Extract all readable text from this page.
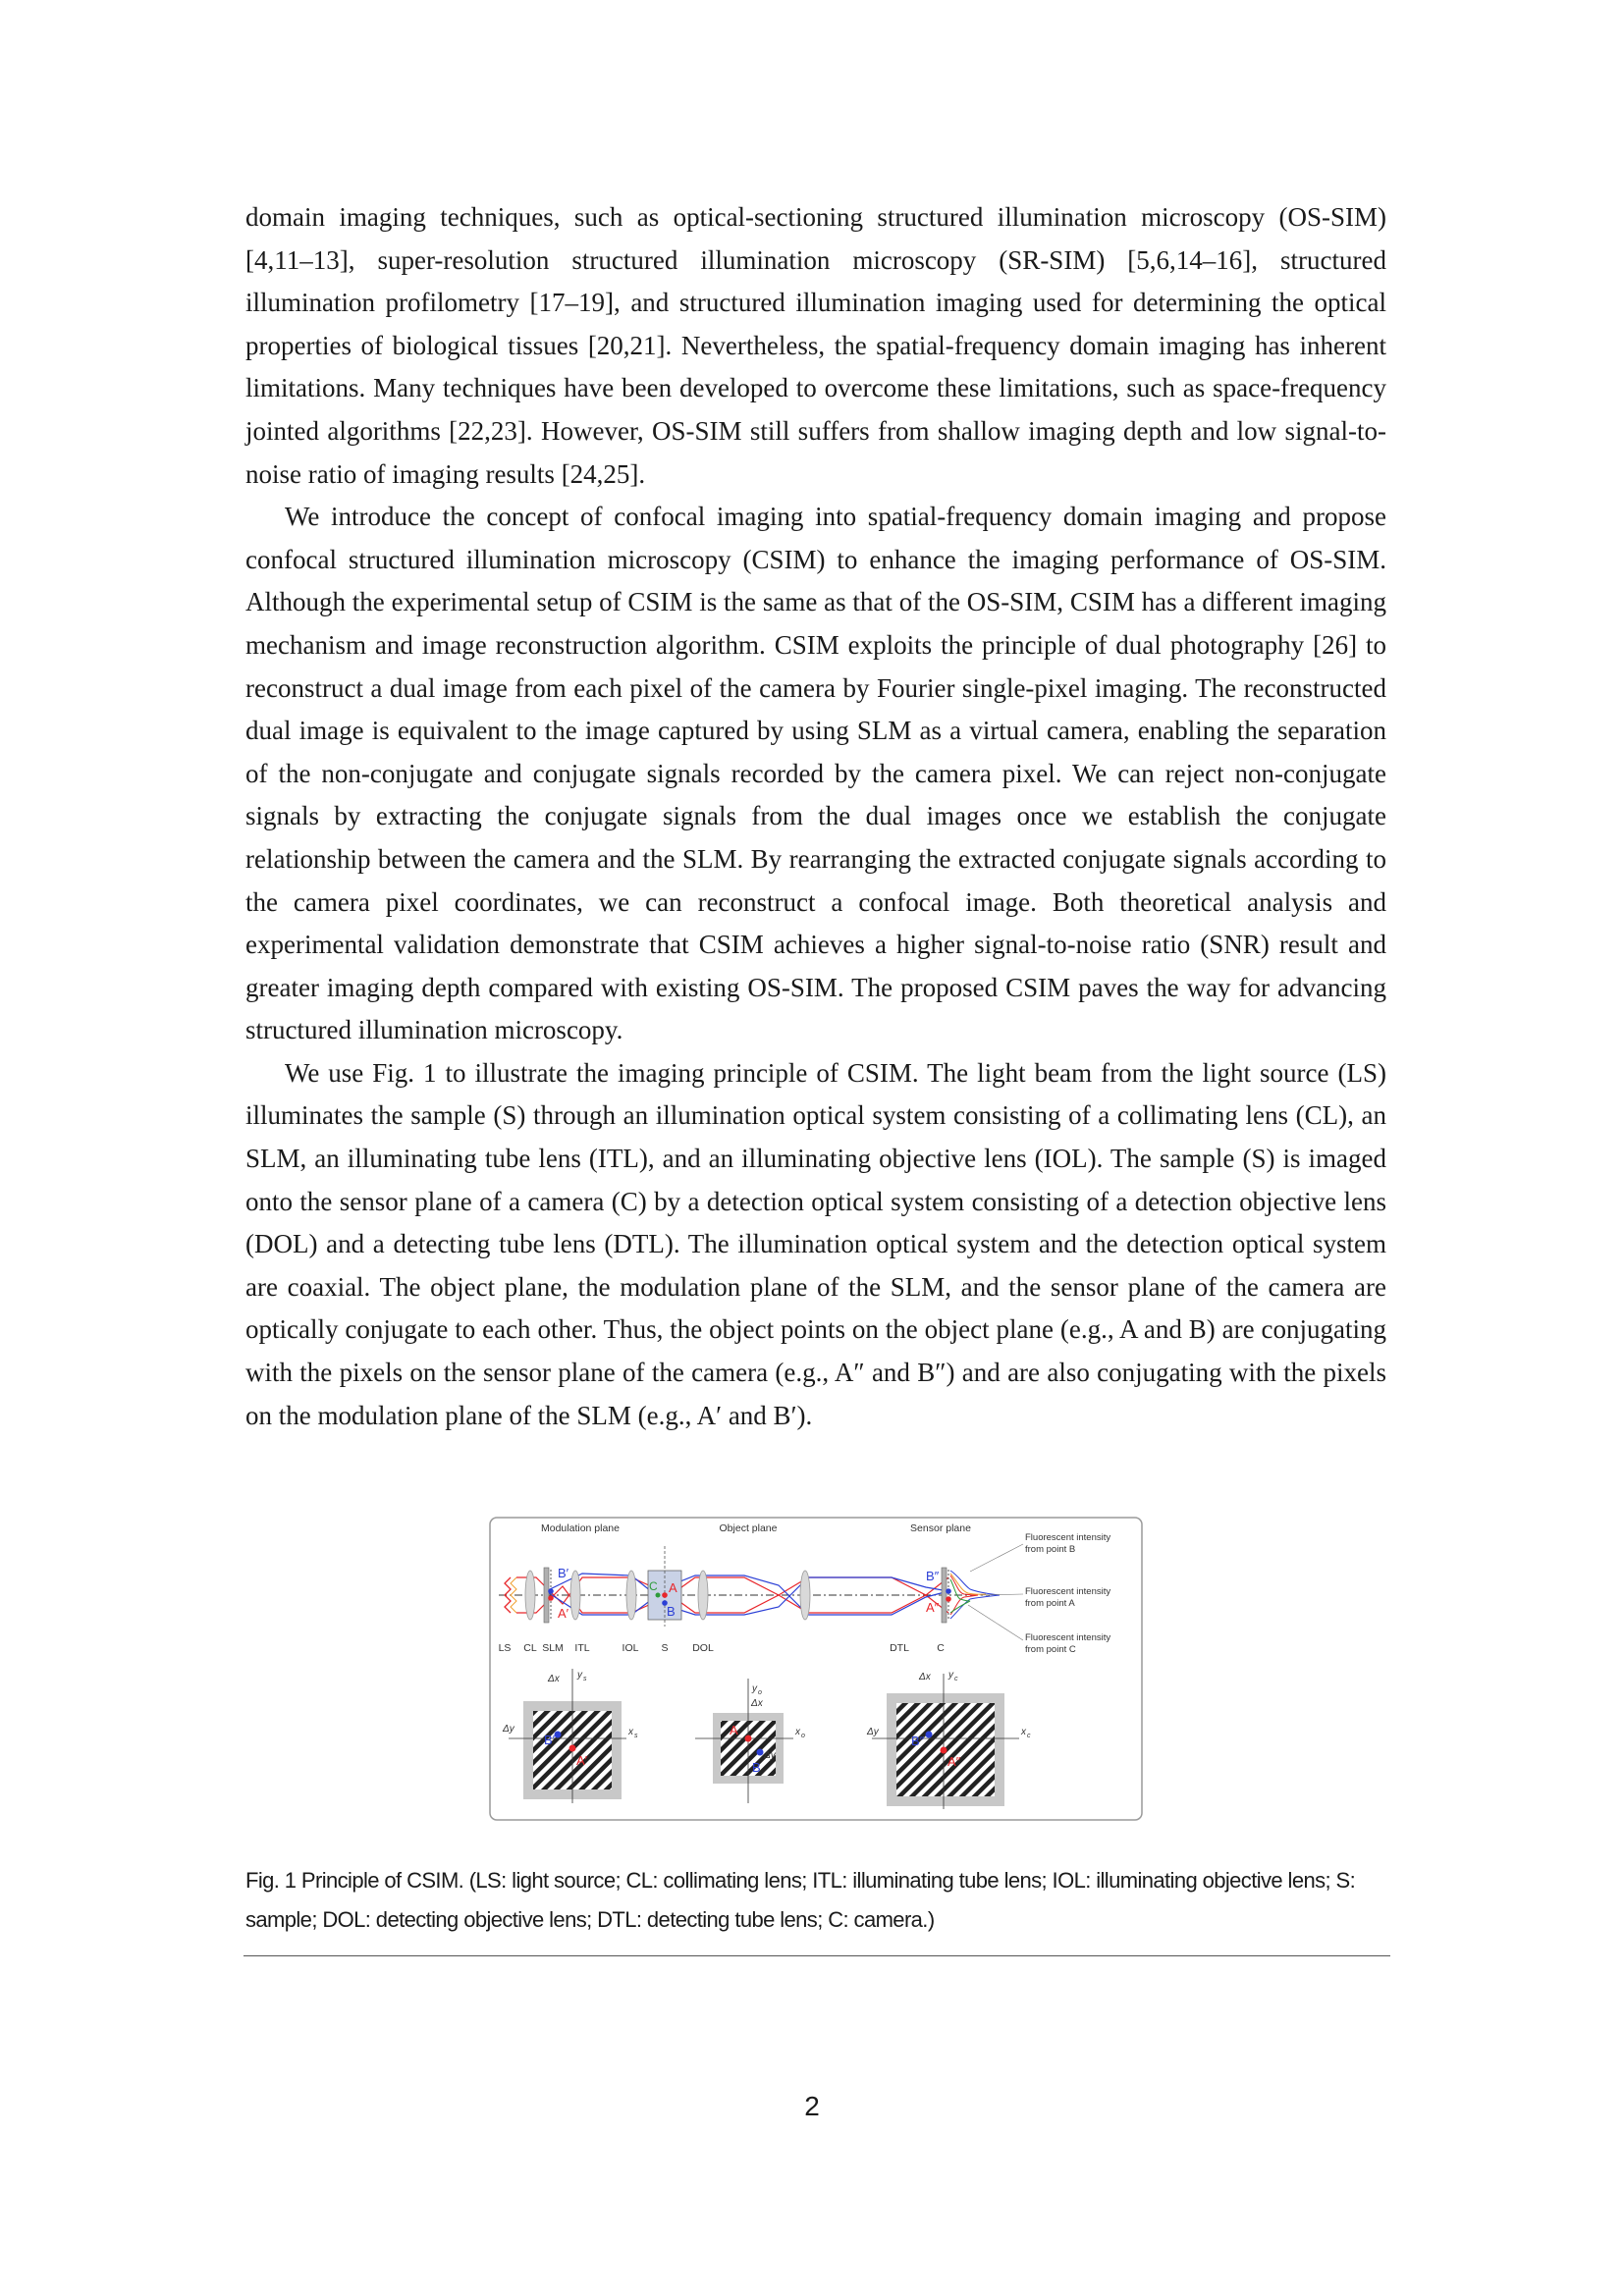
domain imaging techniques, such as optical-sectioning structured illumination microscopy (OS-SIM) [4,11–13], super-resolution structured illumination microscopy (SR-SIM) [5,6,14–16], structured illumination profilometry [17–19], and structured illumination imaging used for determining the optical properties of biological tissues [20,21]. Nevertheless, the spatial-frequency domain imaging has inherent limitations. Many techniques have been developed to overcome these limitations, such as space-frequency jointed algorithms [22,23]. However, OS-SIM still suffers from shallow imaging depth and low signal-to-noise ratio of imaging results [24,25].

We introduce the concept of confocal imaging into spatial-frequency domain imaging and propose confocal structured illumination microscopy (CSIM) to enhance the imaging performance of OS-SIM. Although the experimental setup of CSIM is the same as that of the OS-SIM, CSIM has a different imaging mechanism and image reconstruction algorithm. CSIM exploits the principle of dual photography [26] to reconstruct a dual image from each pixel of the camera by Fourier single-pixel imaging. The reconstructed dual image is equivalent to the image captured by using SLM as a virtual camera, enabling the separation of the non-conjugate and conjugate signals recorded by the camera pixel. We can reject non-conjugate signals by extracting the conjugate signals from the dual images once we establish the conjugate relationship between the camera and the SLM. By rearranging the extracted conjugate signals according to the camera pixel coordinates, we can reconstruct a confocal image. Both theoretical analysis and experimental validation demonstrate that CSIM achieves a higher signal-to-noise ratio (SNR) result and greater imaging depth compared with existing OS-SIM. The proposed CSIM paves the way for advancing structured illumination microscopy.

We use Fig. 1 to illustrate the imaging principle of CSIM. The light beam from the light source (LS) illuminates the sample (S) through an illumination optical system consisting of a collimating lens (CL), an SLM, an illuminating tube lens (ITL), and an illuminating objective lens (IOL). The sample (S) is imaged onto the sensor plane of a camera (C) by a detection optical system consisting of a detection objective lens (DOL) and a detecting tube lens (DTL). The illumination optical system and the detection optical system are coaxial. The object plane, the modulation plane of the SLM, and the sensor plane of the camera are optically conjugate to each other. Thus, the object points on the object plane (e.g., A and B) are conjugating with the pixels on the sensor plane of the camera (e.g., A″ and B″) and are also conjugating with the pixels on the modulation plane of the SLM (e.g., A′ and B′).

Modulation plane	Object plane	Sensor plane
B′
A′
A
B
C
B″
A″
Fluorescent intensity
from point B
Fluorescent intensity
from point A
Fluorescent intensity
from point C
LS CL SLM ITL	IOL S DOL	DTL	C
B′
A′
Δx y s
Δy	x s	A
B
y o
Δx
Δy
x o	B″
A″
Δx y c
Δy	x c

Fig. 1 Principle of CSIM. (LS: light source; CL: collimating lens; ITL: illuminating tube lens; IOL: illuminating objective lens; S: sample; DOL: detecting objective lens; DTL: detecting tube lens; C: camera.)

2
